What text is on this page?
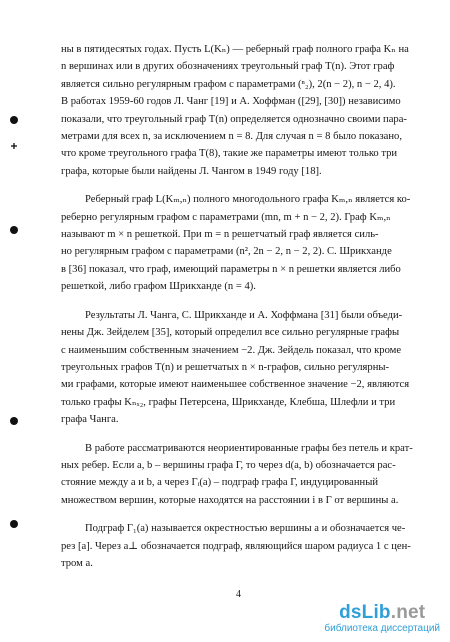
ны в пятидесятых годах. Пусть L(Kₙ) — реберный граф полного графа Kₙ на
n вершинах или в других обозначениях треугольный граф T(n). Этот граф
является сильно регулярным графом с параметрами (ⁿ₂), 2(n − 2), n − 2, 4).
В работах 1959-60 годов Л. Чанг [19] и А. Хоффман ([29], [30]) независимо
показали, что треугольный граф T(n) определяется однозначно своими пара-
метрами для всех n, за исключением n = 8. Для случая n = 8 было показано,
что кроме треугольного графа T(8), такие же параметры имеют только три
графа, которые были найдены Л. Чангом в 1949 году [18].

Реберный граф L(Kₘ,ₙ) полного многодольного графа Kₘ,ₙ является ко-
реберно регулярным графом с параметрами (mn, m + n − 2, 2). Граф Kₘ,ₙ
называют m × n решеткой. При m = n решетчатый граф является силь-
но регулярным графом с параметрами (n², 2n − 2, n − 2, 2). С. Шрикханде
в [36] показал, что граф, имеющий параметры n × n решетки является либо
решеткой, либо графом Шрикханде (n = 4).

Результаты Л. Чанга, С. Шрикханде и А. Хоффмана [31] были объеди-
нены Дж. Зейделем [35], который определил все сильно регулярные графы
с наименьшим собственным значением −2. Дж. Зейдель показал, что кроме
треугольных графов T(n) и решетчатых n × n-графов, сильно регулярны-
ми графами, которые имеют наименьшее собственное значение −2, являются
только графы Kₙₓ₂, графы Петерсена, Шрикханде, Клебша, Шлефли и три
графа Чанга.

В работе рассматриваются неориентированные графы без петель и крат-
ных ребер. Если a, b – вершины графа Γ, то через d(a, b) обозначается рас-
стояние между a и b, а через Γᵢ(a) – подграф графа Γ, индуцированный
множеством вершин, которые находятся на расстоянии i в Γ от вершины a.

Подграф Γ₁(a) называется окрестностью вершины a и обозначается че-
рез [a]. Через a⊥ обозначается подграф, являющийся шаром радиуса 1 с цен-
тром a.

4
dsLib.net
библиотека диссертаций
